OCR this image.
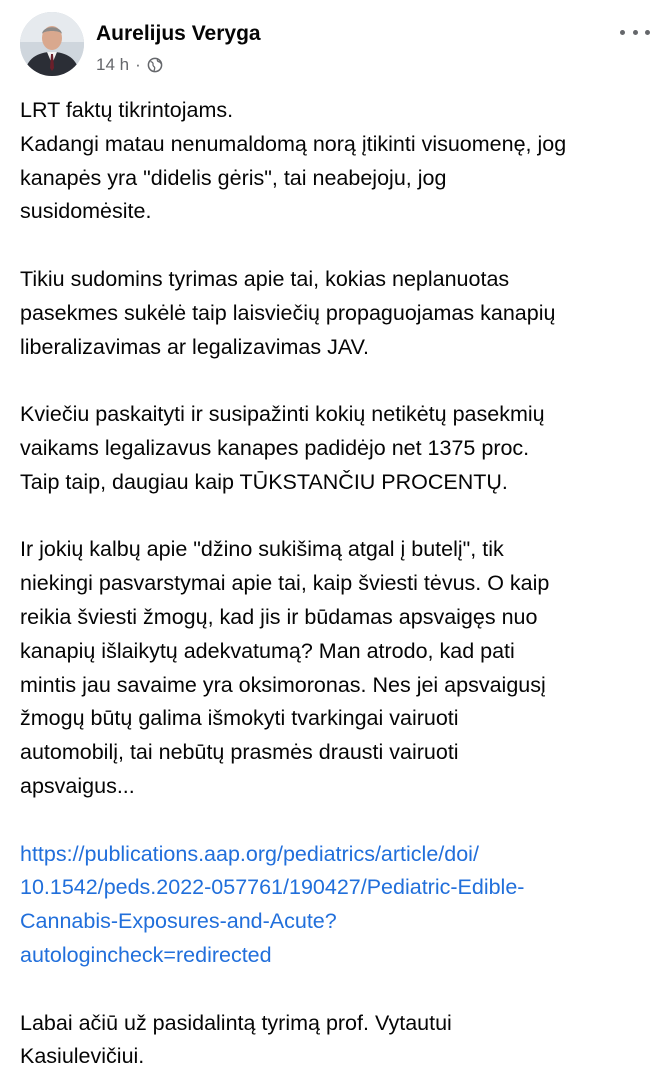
Aurelijus Veryga
14 h ·
LRT faktų tikrintojams.
Kadangi matau nenumaldomą norą įtikinti visuomenę, jog
kanapės yra "didelis gėris", tai neabejoju, jog
susidomėsite.
Tikiu sudomins tyrimas apie tai, kokias neplanuotas
pasekmes sukėlė taip laisviečių propaguojamas kanapių
liberalizavimas ar legalizavimas JAV.
Kviečiu paskaityti ir susipažinti kokių netikėtų pasekmių
vaikams legalizavus kanapes padidėjo net 1375 proc.
Taip taip, daugiau kaip TŪKSTANČIU PROCENTŲ.
Ir jokių kalbų apie "džino sukišimą atgal į butelį", tik
niekingi pasvarstymai apie tai, kaip šviesti tėvus. O kaip
reikia šviesti žmogų, kad jis ir būdamas apsvaigęs nuo
kanapių išlaikytų adekvatumą? Man atrodo, kad pati
mintis jau savaime yra oksimoronas. Nes jei apsvaigusį
žmogų būtų galima išmokyti tvarkingai vairuoti
automobilį, tai nebūtų prasmės drausti vairuoti
apsvaigus...
https://publications.aap.org/pediatrics/article/doi/
10.1542/peds.2022-057761/190427/Pediatric-Edible-
Cannabis-Exposures-and-Acute?
autologincheck=redirected
Labai ačiū už pasidalintą tyrimą prof. Vytautui
Kasiulevičiui.
